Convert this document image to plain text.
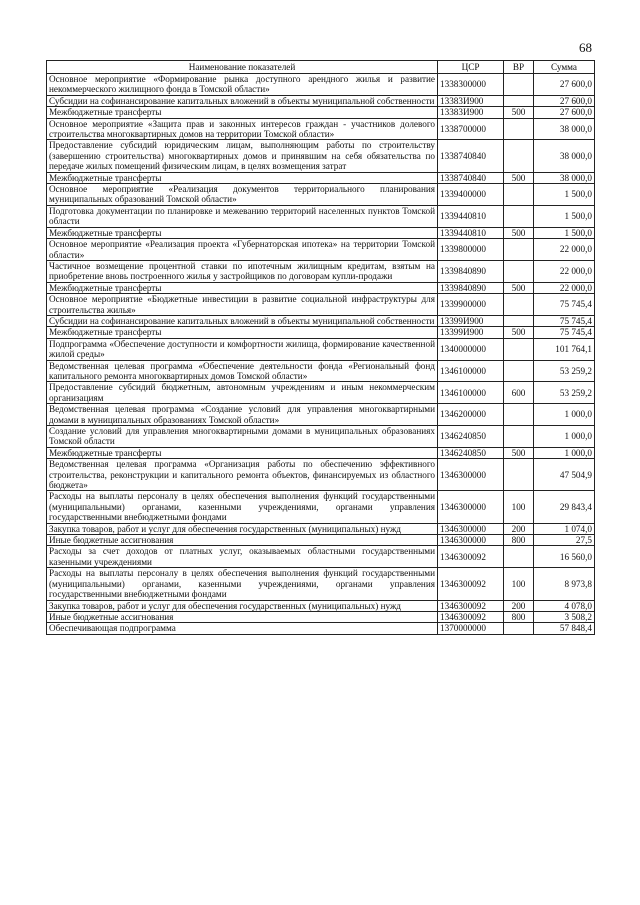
68
Наименование показателей	ЦСР	ВР	Сумма
Основное мероприятие «Формирование рынка доступного арендного жилья и развитие некоммерческого жилищного фонда в Томской области»	1338300000		27 600,0
Субсидии на софинансирование капитальных вложений в объекты муниципальной собственности	13383И900		27 600,0
Межбюджетные трансферты	13383И900	500	27 600,0
Основное мероприятие «Защита прав и законных интересов граждан - участников долевого строительства многоквартирных домов на территории Томской области»	1338700000		38 000,0
Предоставление субсидий юридическим лицам, выполняющим работы по строительству (завершению строительства) многоквартирных домов и принявшим на себя обязательства по передаче жилых помещений физическим лицам, в целях возмещения затрат	1338740840		38 000,0
Межбюджетные трансферты	1338740840	500	38 000,0
Основное мероприятие «Реализация документов территориального планирования муниципальных образований Томской области»	1339400000		1 500,0
Подготовка документации по планировке и межеванию территорий населенных пунктов Томской области	1339440810		1 500,0
Межбюджетные трансферты	1339440810	500	1 500,0
Основное мероприятие «Реализация проекта «Губернаторская ипотека» на территории Томской области»	1339800000		22 000,0
Частичное возмещение процентной ставки по ипотечным жилищным кредитам, взятым на приобретение вновь построенного жилья у застройщиков по договорам купли-продажи	1339840890		22 000,0
Межбюджетные трансферты	1339840890	500	22 000,0
Основное мероприятие «Бюджетные инвестиции в развитие социальной инфраструктуры для строительства жилья»	1339900000		75 745,4
Субсидии на софинансирование капитальных вложений в объекты муниципальной собственности	13399И900		75 745,4
Межбюджетные трансферты	13399И900	500	75 745,4
Подпрограмма «Обеспечение доступности и комфортности жилища, формирование качественной жилой среды»	1340000000		101 764,1
Ведомственная целевая программа «Обеспечение деятельности фонда «Региональный фонд капитального ремонта многоквартирных домов Томской области»	1346100000		53 259,2
Предоставление субсидий бюджетным, автономным учреждениям и иным некоммерческим организациям	1346100000	600	53 259,2
Ведомственная целевая программа «Создание условий для управления многоквартирными домами в муниципальных образованиях Томской области»	1346200000		1 000,0
Создание условий для управления многоквартирными домами в муниципальных образованиях Томской области	1346240850		1 000,0
Межбюджетные трансферты	1346240850	500	1 000,0
Ведомственная целевая программа «Организация работы по обеспечению эффективного строительства, реконструкции и капитального ремонта объектов, финансируемых из областного бюджета»	1346300000		47 504,9
Расходы на выплаты персоналу в целях обеспечения выполнения функций государственными (муниципальными) органами, казенными учреждениями, органами управления государственными внебюджетными фондами	1346300000	100	29 843,4
Закупка товаров, работ и услуг для обеспечения государственных (муниципальных) нужд	1346300000	200	1 074,0
Иные бюджетные ассигнования	1346300000	800	27,5
Расходы за счет доходов от платных услуг, оказываемых областными государственными казенными учреждениями	1346300092		16 560,0
Расходы на выплаты персоналу в целях обеспечения выполнения функций государственными (муниципальными) органами, казенными учреждениями, органами управления государственными внебюджетными фондами	1346300092	100	8 973,8
Закупка товаров, работ и услуг для обеспечения государственных (муниципальных) нужд	1346300092	200	4 078,0
Иные бюджетные ассигнования	1346300092	800	3 508,2
Обеспечивающая подпрограмма	1370000000		57 848,4
